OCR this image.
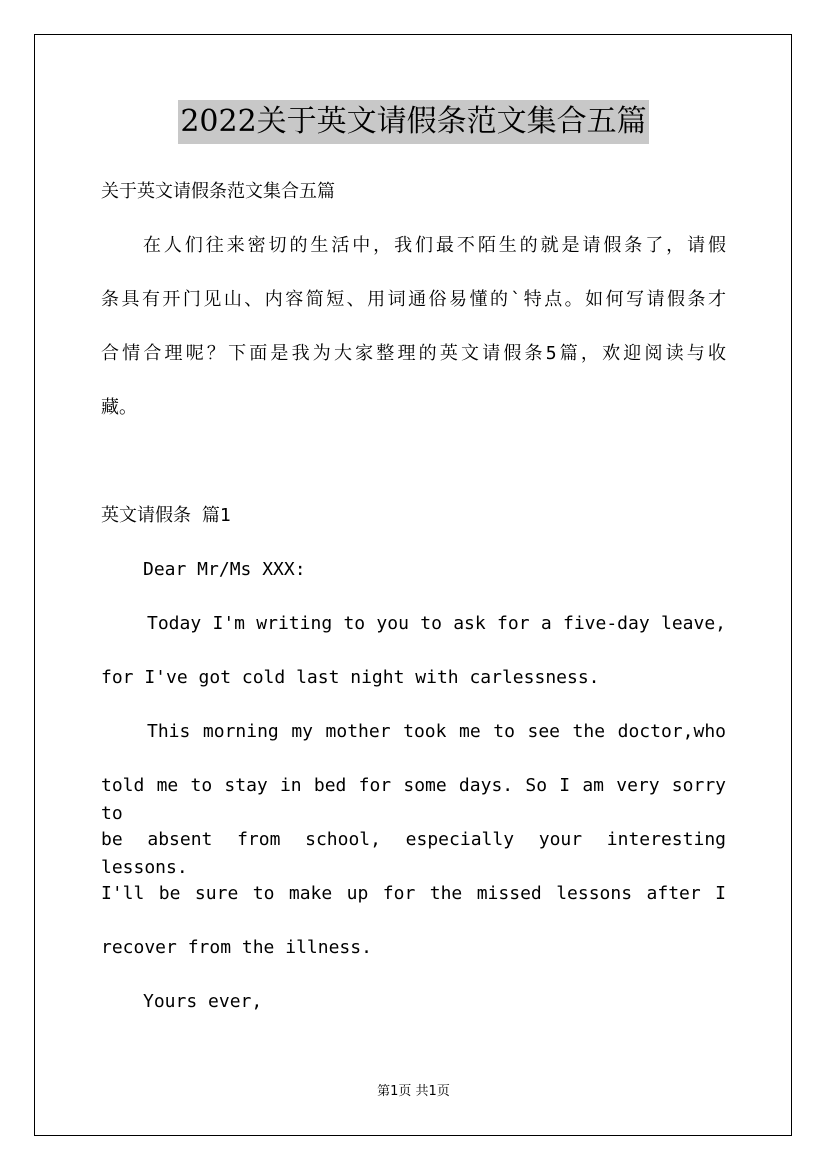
2022关于英文请假条范文集合五篇
关于英文请假条范文集合五篇
在人们往来密切的生活中，我们最不陌生的就是请假条了，请假
条具有开门见山、内容简短、用词通俗易懂的`特点。如何写请假条才
合情合理呢？下面是我为大家整理的英文请假条5篇，欢迎阅读与收
藏。
英文请假条 篇1
Dear Mr/Ms XXX:
Today I'm writing to you to ask for a five-day leave,
for I've got cold last night with carlessness.
This morning my mother took me to see the doctor,who
told me to stay in bed for some days. So I am very sorry to
be absent from school, especially your interesting lessons.
I'll be sure to make up for the missed lessons after I
recover from the illness.
Yours ever,
第1页 共1页
